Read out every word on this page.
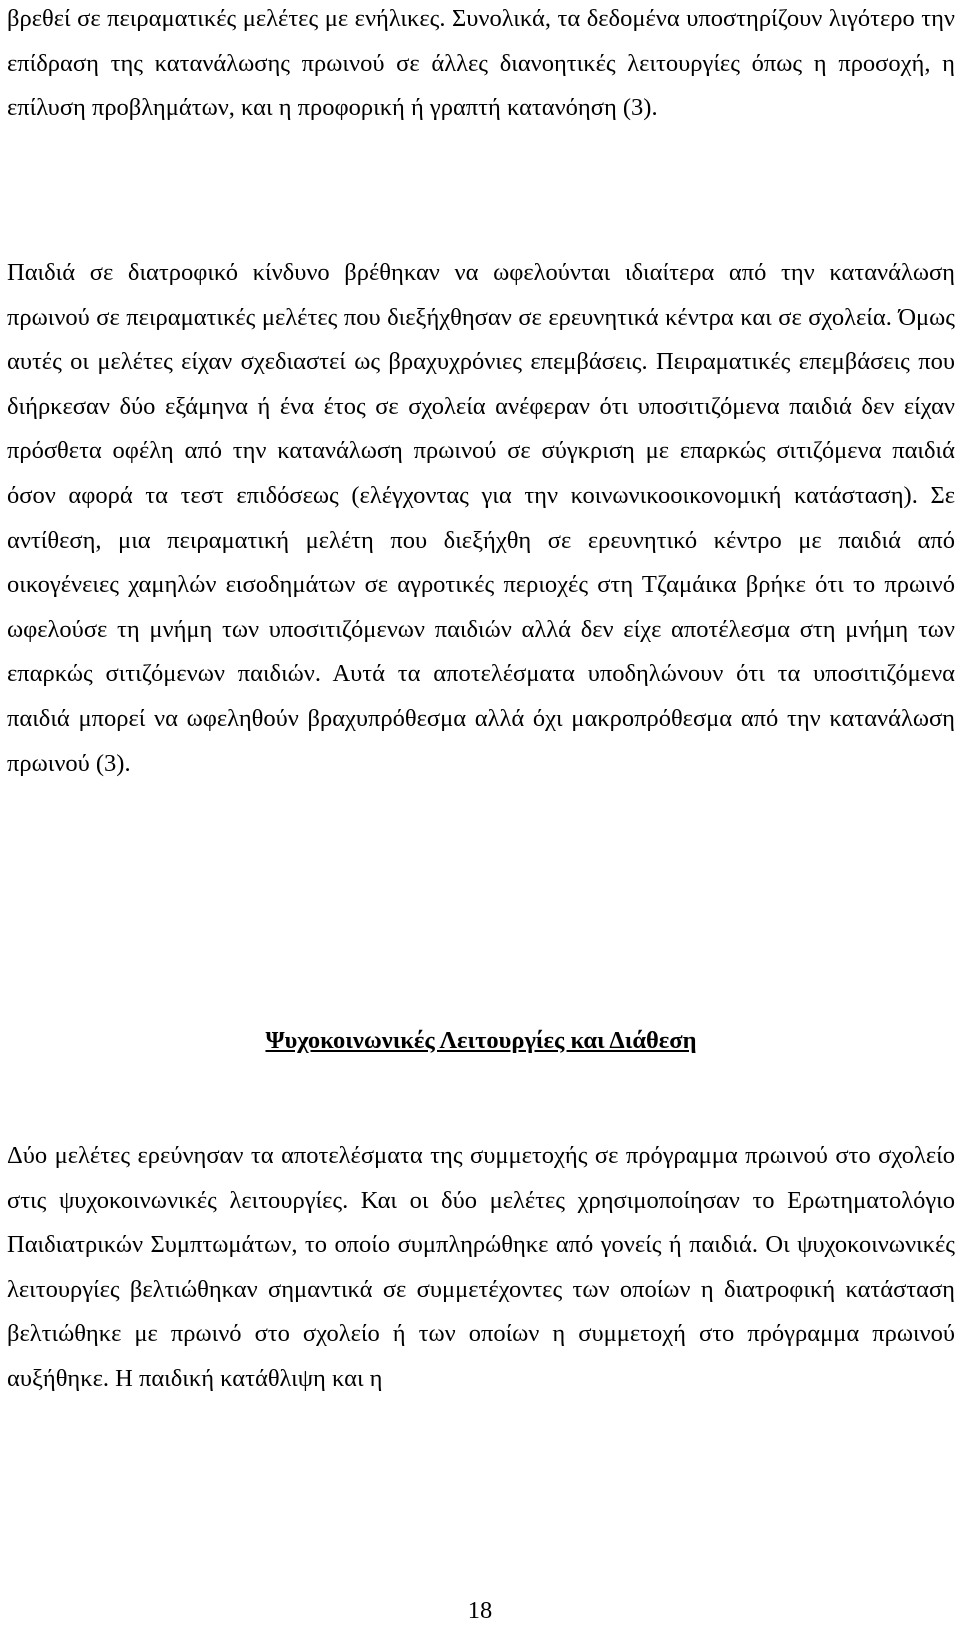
βρεθεί σε πειραματικές μελέτες με ενήλικες. Συνολικά, τα δεδομένα υποστηρίζουν λιγότερο την επίδραση της κατανάλωσης πρωινού σε άλλες διανοητικές λειτουργίες όπως η προσοχή, η επίλυση προβλημάτων, και η προφορική ή γραπτή κατανόηση (3).

Παιδιά σε διατροφικό κίνδυνο βρέθηκαν να ωφελούνται ιδιαίτερα από την κατανάλωση πρωινού σε πειραματικές μελέτες που διεξήχθησαν σε ερευνητικά κέντρα και σε σχολεία. Όμως αυτές οι μελέτες είχαν σχεδιαστεί ως βραχυχρόνιες επεμβάσεις. Πειραματικές επεμβάσεις που διήρκεσαν δύο εξάμηνα ή ένα έτος σε σχολεία ανέφεραν ότι υποσιτιζόμενα παιδιά δεν είχαν πρόσθετα οφέλη από την κατανάλωση πρωινού σε σύγκριση με επαρκώς σιτιζόμενα παιδιά όσον αφορά τα τεστ επιδόσεως (ελέγχοντας για την κοινωνικοοικονομική κατάσταση). Σε αντίθεση, μια πειραματική μελέτη που διεξήχθη σε ερευνητικό κέντρο με παιδιά από οικογένειες χαμηλών εισοδημάτων σε αγροτικές περιοχές στη Τζαμάικα βρήκε ότι το πρωινό ωφελούσε τη μνήμη των υποσιτιζόμενων παιδιών αλλά δεν είχε αποτέλεσμα στη μνήμη των επαρκώς σιτιζόμενων παιδιών. Αυτά τα αποτελέσματα υποδηλώνουν ότι τα υποσιτιζόμενα παιδιά μπορεί να ωφεληθούν βραχυπρόθεσμα αλλά όχι μακροπρόθεσμα από την κατανάλωση πρωινού (3).

Ψυχοκοινωνικές Λειτουργίες και Διάθεση

Δύο μελέτες ερεύνησαν τα αποτελέσματα της συμμετοχής σε πρόγραμμα πρωινού στο σχολείο στις ψυχοκοινωνικές λειτουργίες. Και οι δύο μελέτες χρησιμοποίησαν το Ερωτηματολόγιο Παιδιατρικών Συμπτωμάτων, το οποίο συμπληρώθηκε από γονείς ή παιδιά. Οι ψυχοκοινωνικές λειτουργίες βελτιώθηκαν σημαντικά σε συμμετέχοντες των οποίων η διατροφική κατάσταση βελτιώθηκε με πρωινό στο σχολείο ή των οποίων η συμμετοχή στο πρόγραμμα πρωινού αυξήθηκε. Η παιδική κατάθλιψη και η

18
